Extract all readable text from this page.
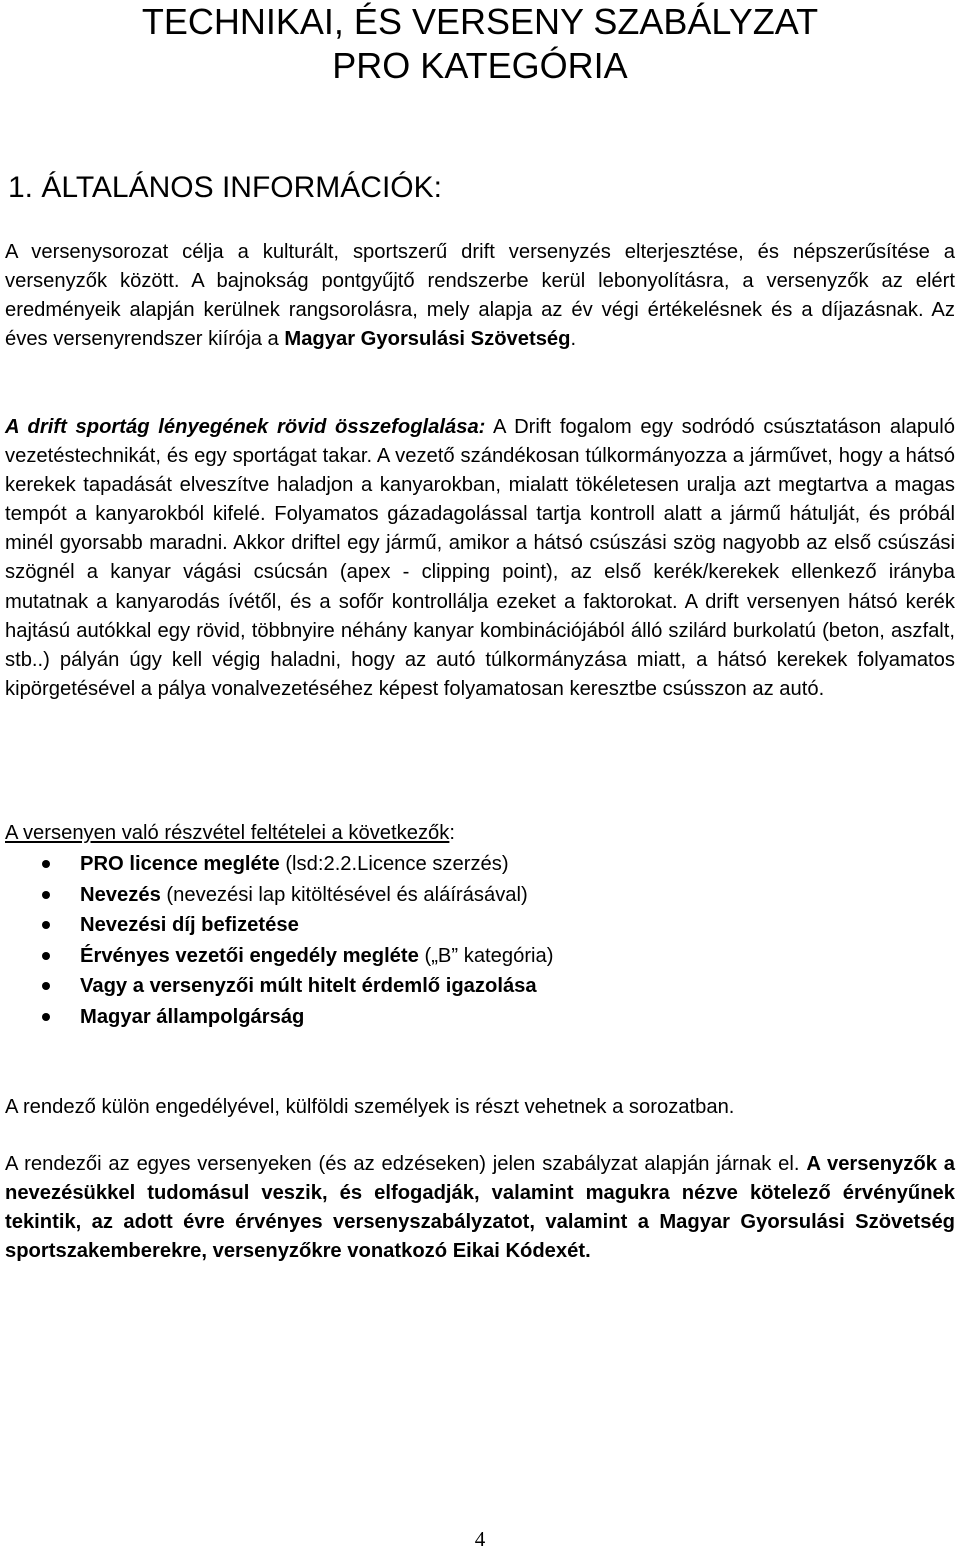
TECHNIKAI, ÉS VERSENY SZABÁLYZAT
PRO KATEGÓRIA
1. ÁLTALÁNOS INFORMÁCIÓK:

A versenysorozat célja a kulturált, sportszerű drift versenyzés elterjesztése, és népszerűsítése a versenyzők között. A bajnokság pontgyűjtő rendszerbe kerül lebonyolításra, a versenyzők az elért eredményeik alapján kerülnek rangsorolásra, mely alapja az év végi értékelésnek és a díjazásnak. Az éves versenyrendszer kiírója a Magyar Gyorsulási Szövetség.

A drift sportág lényegének rövid összefoglalása: A Drift fogalom egy sodródó csúsztatáson alapuló vezetéstechnikát, és egy sportágat takar. A vezető szándékosan túlkormányozza a járművet, hogy a hátsó kerekek tapadását elveszítve haladjon a kanyarokban, mialatt tökéletesen uralja azt megtartva a magas tempót a kanyarokból kifelé. Folyamatos gázadagolással tartja kontroll alatt a jármű hátulját, és próbál minél gyorsabb maradni. Akkor driftel egy jármű, amikor a hátsó csúszási szög nagyobb az első csúszási szögnél a kanyar vágási csúcsán (apex - clipping point), az első kerék/kerekek ellenkező irányba mutatnak a kanyarodás ívétől, és a sofőr kontrollálja ezeket a faktorokat. A drift versenyen hátsó kerék hajtású autókkal egy rövid, többnyire néhány kanyar kombinációjából álló szilárd burkolatú (beton, aszfalt, stb..) pályán úgy kell végig haladni, hogy az autó túlkormányzása miatt, a hátsó kerekek folyamatos kipörgetésével a pálya vonalvezetéséhez képest folyamatosan keresztbe csússzon az autó.

A versenyen való részvétel feltételei a következők:

PRO licence megléte (lsd:2.2.Licence szerzés)
Nevezés (nevezési lap kitöltésével és aláírásával)
Nevezési díj befizetése
Érvényes vezetői engedély megléte („B” kategória)
Vagy a versenyzői múlt hitelt érdemlő igazolása
Magyar állampolgárság

A rendező külön engedélyével, külföldi személyek is részt vehetnek a sorozatban.

A rendezői az egyes versenyeken (és az edzéseken) jelen szabályzat alapján járnak el. A versenyzők a nevezésükkel tudomásul veszik, és elfogadják, valamint magukra nézve kötelező érvényűnek tekintik, az adott évre érvényes versenyszabályzatot, valamint a Magyar Gyorsulási Szövetség sportszakemberekre, versenyzőkre vonatkozó Eikai Kódexét.

4
